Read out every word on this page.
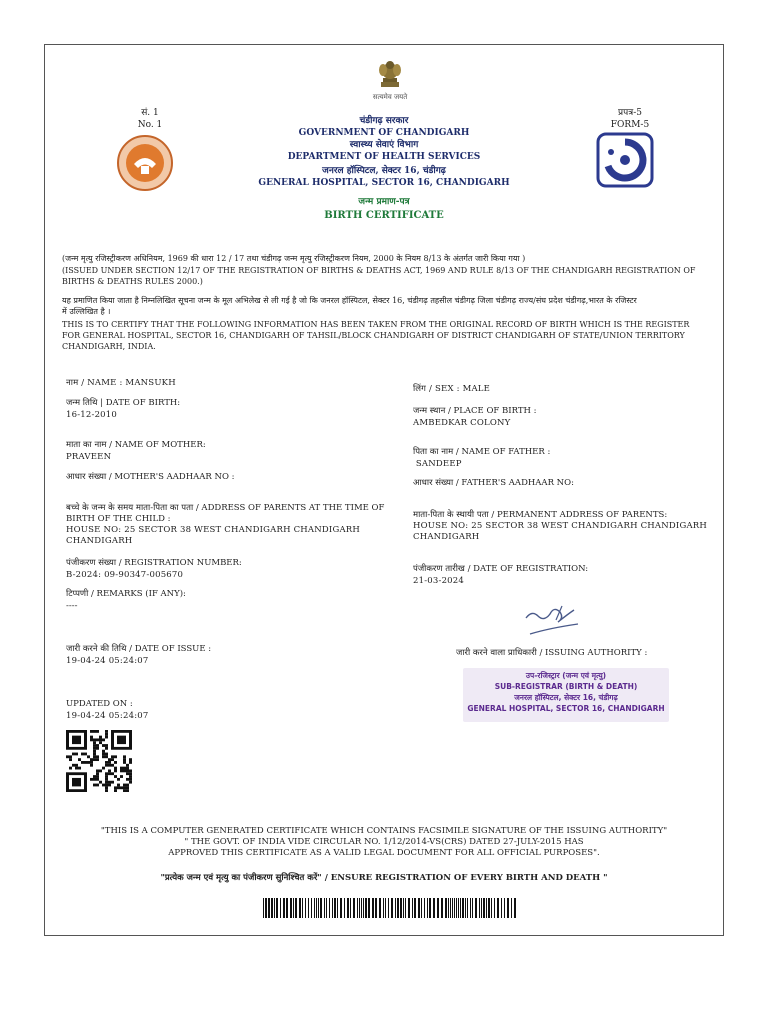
सत्यमेव जयते
सं. 1
No. 1
प्रपत्र-5
FORM-5
चंडीगढ़ सरकार
GOVERNMENT OF CHANDIGARH
स्वास्थ्य सेवाएं विभाग
DEPARTMENT OF HEALTH SERVICES
जनरल हॉस्पिटल, सेक्टर 16, चंडीगढ़
GENERAL HOSPITAL, SECTOR 16, CHANDIGARH
जन्म प्रमाण-पत्र
BIRTH CERTIFICATE
(जन्म मृत्यु रजिस्ट्रीकरण अधिनियम, 1969 की धारा 12 / 17 तथा चंडीगढ़ जन्म मृत्यु रजिस्ट्रीकरण नियम, 2000 के नियम 8/13 के अंतर्गत जारी किया गया )
(ISSUED UNDER SECTION 12/17 OF THE REGISTRATION OF BIRTHS & DEATHS ACT, 1969 AND RULE 8/13 OF THE CHANDIGARH REGISTRATION OF
BIRTHS & DEATHS RULES 2000.)
यह प्रमाणित किया जाता है निम्नलिखित सूचना जन्म के मूल अभिलेख से ली गई है जो कि जनरल हॉस्पिटल, सेक्टर 16, चंडीगढ़ तहसील चंडीगढ़ जिला चंडीगढ़ राज्य/संघ प्रदेश चंडीगढ़,भारत के रजिस्टर
में उल्लिखित है ।
THIS IS TO CERTIFY THAT THE FOLLOWING INFORMATION HAS BEEN TAKEN FROM THE ORIGINAL RECORD OF BIRTH WHICH IS THE REGISTER
FOR GENERAL HOSPITAL, SECTOR 16, CHANDIGARH OF TAHSIL/BLOCK CHANDIGARH OF DISTRICT CHANDIGARH OF STATE/UNION TERRITORY
CHANDIGARH, INDIA.
नाम / NAME : MANSUKH
जन्म तिथि | DATE OF BIRTH:
16-12-2010
माता का नाम / NAME OF MOTHER:
PRAVEEN
आधार संख्या / MOTHER'S AADHAAR NO :
बच्चे के जन्म के समय माता-पिता का पता / ADDRESS OF PARENTS AT THE TIME OF
BIRTH OF THE CHILD :
HOUSE NO: 25 SECTOR 38 WEST CHANDIGARH CHANDIGARH
CHANDIGARH
पंजीकरण संख्या / REGISTRATION NUMBER:
B-2024: 09-90347-005670
टिप्पणी / REMARKS (IF ANY):
----
जारी करने की तिथि / DATE OF ISSUE :
19-04-24 05:24:07
UPDATED ON :
19-04-24 05:24:07
लिंग / SEX : MALE
जन्म स्थान / PLACE OF BIRTH :
AMBEDKAR COLONY
पिता का नाम / NAME OF FATHER :
SANDEEP
आधार संख्या / FATHER'S AADHAAR NO:
माता-पिता के स्थायी पता / PERMANENT ADDRESS OF PARENTS:
HOUSE NO: 25 SECTOR 38 WEST CHANDIGARH CHANDIGARH
CHANDIGARH
पंजीकरण तारीख / DATE OF REGISTRATION:
21-03-2024
जारी करने वाला प्राधिकारी / ISSUING AUTHORITY :
उप-रजिस्ट्रार (जन्म एवं मृत्यु)
SUB-REGISTRAR (BIRTH & DEATH)
जनरल हॉस्पिटल, सेक्टर 16, चंडीगढ़
GENERAL HOSPITAL, SECTOR 16, CHANDIGARH
"THIS IS A COMPUTER GENERATED CERTIFICATE WHICH CONTAINS FACSIMILE SIGNATURE OF THE ISSUING AUTHORITY"
" THE GOVT. OF INDIA VIDE CIRCULAR NO. 1/12/2014-VS(CRS) DATED 27-JULY-2015 HAS
APPROVED THIS CERTIFICATE AS A VALID LEGAL DOCUMENT FOR ALL OFFICIAL PURPOSES".
"प्रत्येक जन्म एवं मृत्यु का पंजीकरण सुनिश्चित करें" / ENSURE REGISTRATION OF EVERY BIRTH AND DEATH "
